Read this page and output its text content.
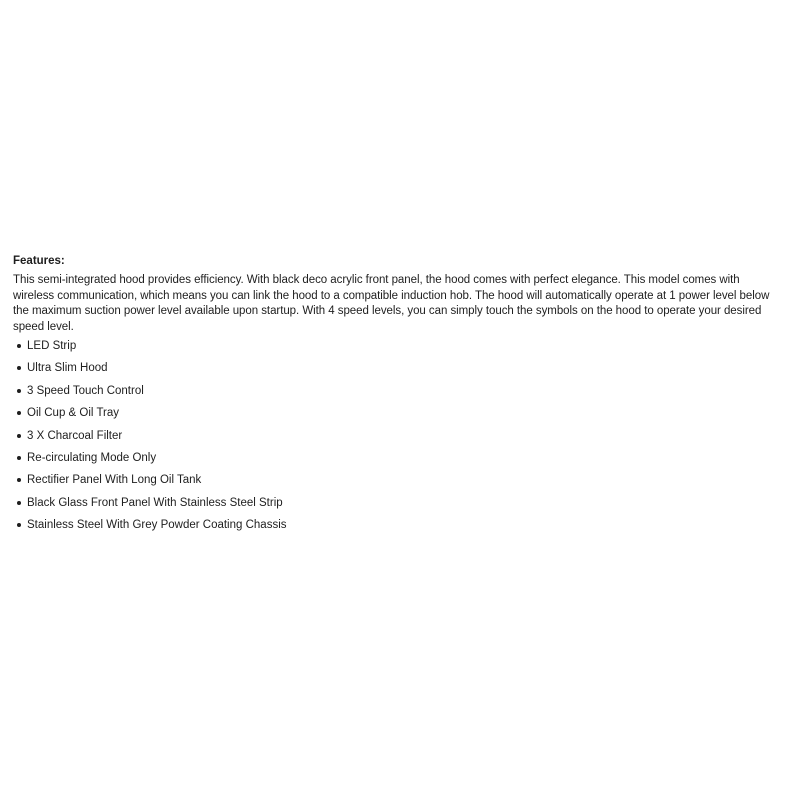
Features:
This semi-integrated hood provides efficiency. With black deco acrylic front panel, the hood comes with perfect elegance. This model comes with wireless communication, which means you can link the hood to a compatible induction hob. The hood will automatically operate at 1 power level below the maximum suction power level available upon startup. With 4 speed levels, you can simply touch the symbols on the hood to operate your desired speed level.
LED Strip
Ultra Slim Hood
3 Speed Touch Control
Oil Cup & Oil Tray
3 X Charcoal Filter
Re-circulating Mode Only
Rectifier Panel With Long Oil Tank
Black Glass Front Panel With Stainless Steel Strip
Stainless Steel With Grey Powder Coating Chassis
